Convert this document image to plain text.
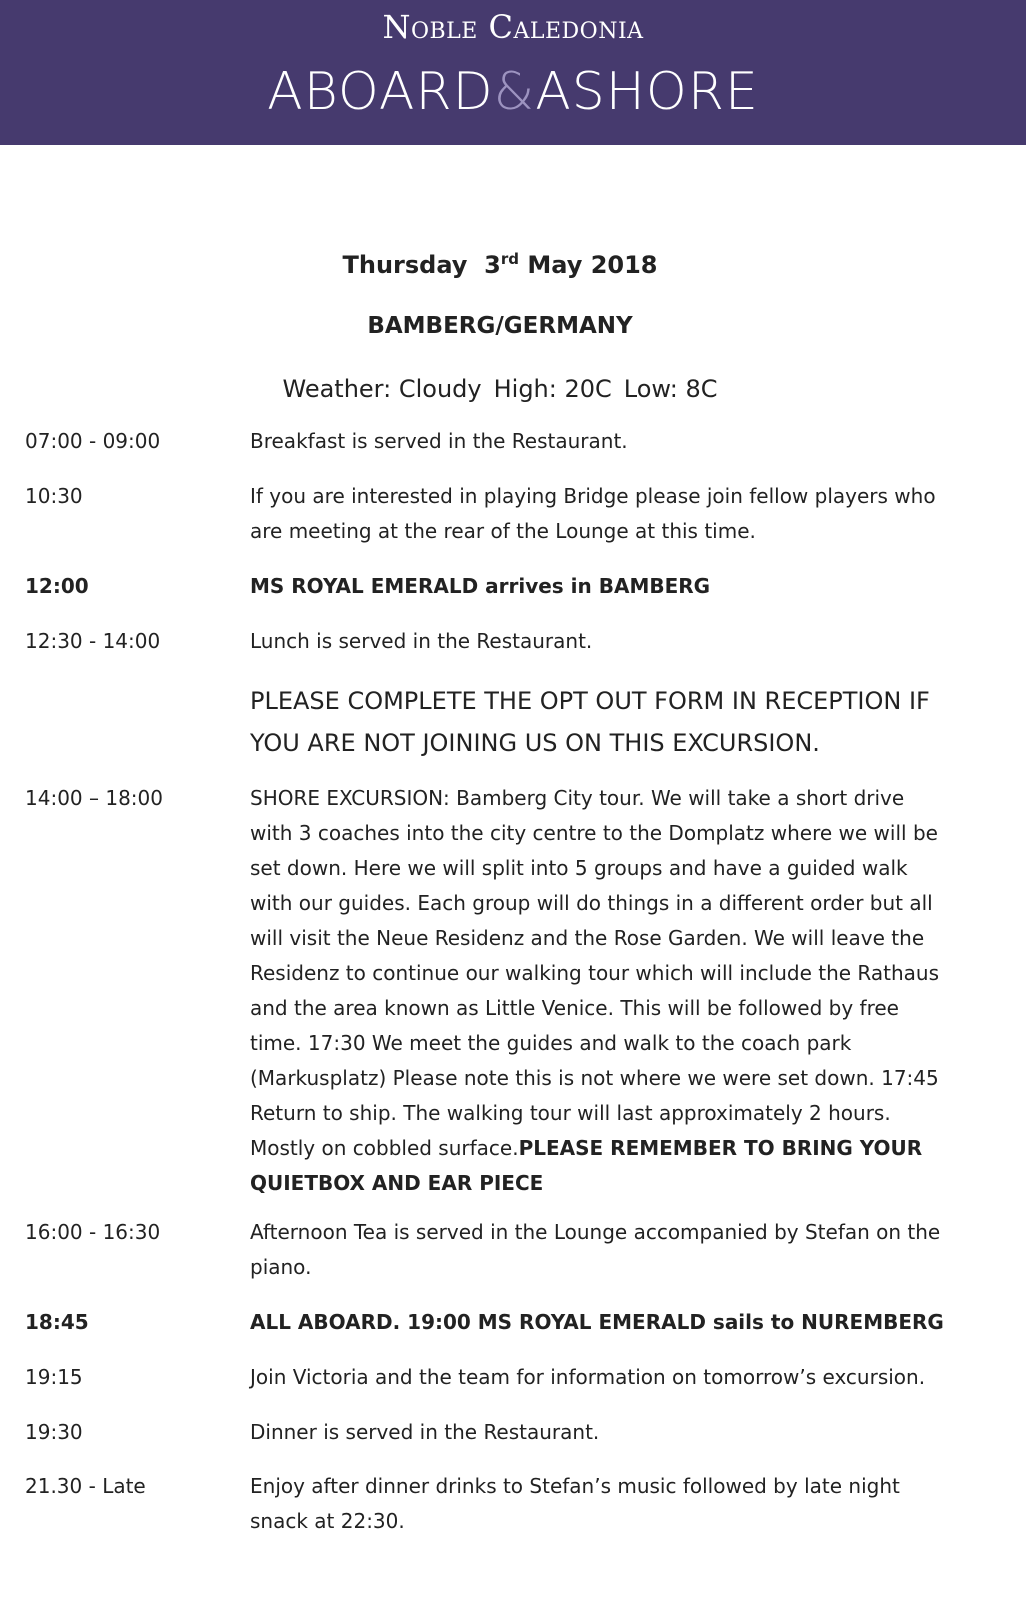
Noble Caledonia
ABOARD&ASHORE
Thursday 3rd May 2018
BAMBERG/GERMANY
Weather: Cloudy High: 20C Low: 8C
07:00 - 09:00	Breakfast is served in the Restaurant.
10:30	If you are interested in playing Bridge please join fellow players who
are meeting at the rear of the Lounge at this time.
12:00	MS ROYAL EMERALD arrives in BAMBERG
12:30 - 14:00	Lunch is served in the Restaurant.
PLEASE COMPLETE THE OPT OUT FORM IN RECEPTION IF
YOU ARE NOT JOINING US ON THIS EXCURSION.
14:00 – 18:00	SHORE EXCURSION: Bamberg City tour. We will take a short drive
with 3 coaches into the city centre to the Domplatz where we will be
set down. Here we will split into 5 groups and have a guided walk
with our guides. Each group will do things in a different order but all
will visit the Neue Residenz and the Rose Garden. We will leave the
Residenz to continue our walking tour which will include the Rathaus
and the area known as Little Venice. This will be followed by free
time. 17:30 We meet the guides and walk to the coach park
(Markusplatz) Please note this is not where we were set down. 17:45
Return to ship. The walking tour will last approximately 2 hours.
Mostly on cobbled surface.PLEASE REMEMBER TO BRING YOUR
QUIETBOX AND EAR PIECE
16:00 - 16:30	Afternoon Tea is served in the Lounge accompanied by Stefan on the
piano.
18:45	ALL ABOARD. 19:00 MS ROYAL EMERALD sails to NUREMBERG
19:15	Join Victoria and the team for information on tomorrow’s excursion.
19:30	Dinner is served in the Restaurant.
21.30 - Late	Enjoy after dinner drinks to Stefan’s music followed by late night
snack at 22:30.
